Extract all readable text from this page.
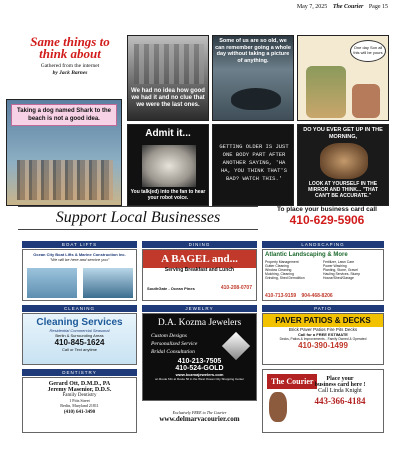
May 7, 2025 The Courier Page 15
Same things to think about
Gathered from the internet
by Jack Barnes
Taking a dog named Shark to the beach is not a good idea.
We had no idea how good we had it and no clue that we were the last ones.
Some of us are so old, we can remember going a whole day without taking a picture of anything.
One day Son all this will be yours
Admit it...
You talk(ed) into the fan to hear your robot voice.
GETTING OLDER IS JUST ONE BODY PART AFTER ANOTHER SAYING, 'HA HA, YOU THINK THAT'S BAD? WATCH THIS.'
DO YOU EVER GET UP IN THE MORNING,
LOOK AT YOURSELF IN THE MIRROR AND THINK... "THAT CAN'T BE ACCURATE."
Support Local Businesses	To place your business card call
410-629-5906
BOAT LIFTS	DINING	LANDSCAPING
Ocean City Boat Lifts & Marine Construction Inc.
"We will be here and service you"	A BAGEL and...
Serving Breakfast and Lunch
SouthGate - Ocean Pines	410-208-0707
Atlantic Landscaping & More
Property Management	Fertilizer, Lawn Care
Gutter Cleaning	Power Washing
Window Cleaning	Planting, Stone, Gravel
Mulching, Cleaning	Hauling Services, Stump
Grinding, Shed Demolition	House/Shed/Garage
410-713-9159 904-468-8206
CLEANING	JEWELRY	PATIO
Cleaning Services
Residential Commercial Seasonal
Berlin & Surrounding Areas
410-845-1624
Call or Text anytime
D.A. Kozma Jewelers
Custom Designs
Personalized Service
Bridal Consultation
410-213-7505
410-524-GOLD
www.kozmajewelers.com
on Route 611 at Route 50 in the West Ocean City Shopping Center
PAVER PATIOS & DECKS
Brick Paver Patios Fire Pits Decks
Call for a FREE ESTIMATE
Decks, Patios & Improvements - Family Owned & Operated
410-390-1499
DENTISTRY
Gerard Ott, D.M.D., PA
Jeremy Masenior, D.D.S.
Family Dentistry
1 Pitts Street
Berlin, Maryland 21811
(410) 641-3490
The Courier	Place your
business card here !
Call Linda Knight
443-366-4184
Exclusively FREE to The Courier
www.delmarvacourier.com
